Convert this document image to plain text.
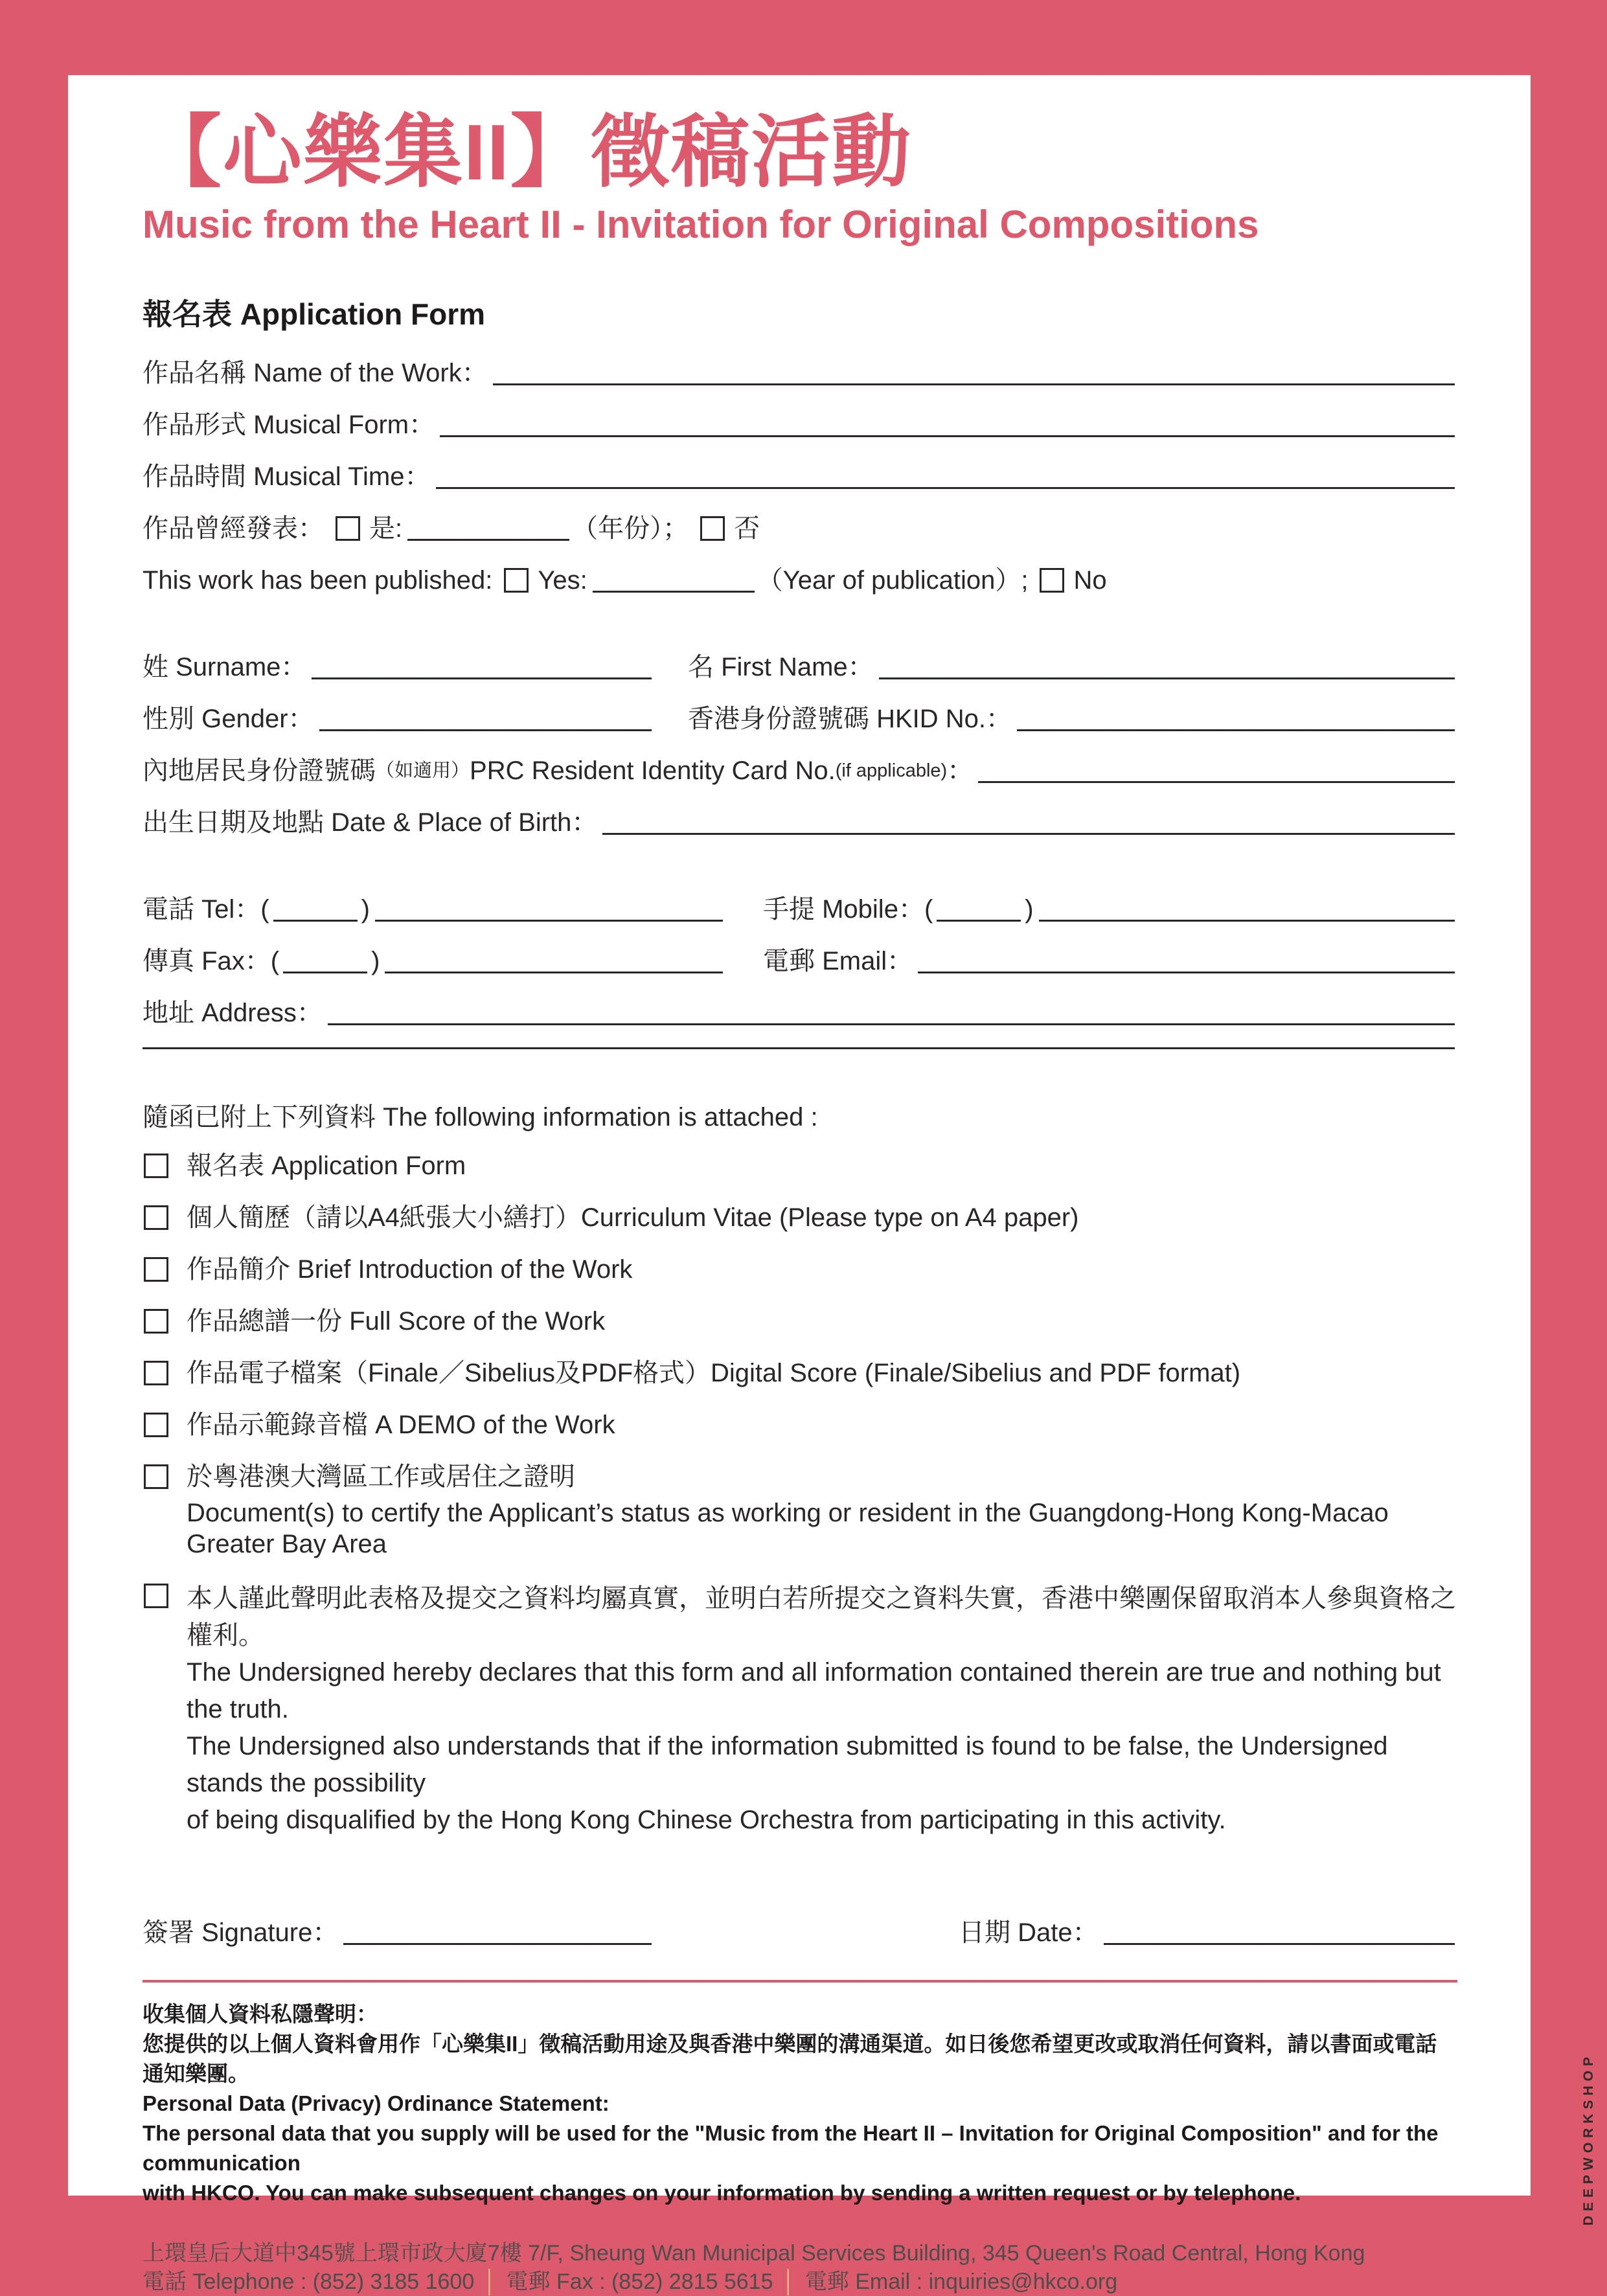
【心樂集II】徵稿活動
Music from the Heart II - Invitation for Original Compositions
報名表 Application Form
作品名稱 Name of the Work：
作品形式 Musical Form：
作品時間 Musical Time：
作品曾經發表： 是:	（年份）； 否
This work has been published: Yes:	（Year of publication）; No
姓 Surname：	名 First Name：
性別 Gender：	香港身份證號碼 HKID No.：
內地居民身份證號碼 （如適用） PRC Resident Identity Card No. (if applicable) ：
出生日期及地點 Date & Place of Birth：
電話 Tel： (	)	手提 Mobile： (	)
傳真 Fax： (	)	電郵 Email：
地址 Address：
隨函已附上下列資料 The following information is attached :
報名表 Application Form
個人簡歷（請以A4紙張大小繕打）Curriculum Vitae (Please type on A4 paper)
作品簡介 Brief Introduction of the Work
作品總譜一份 Full Score of the Work
作品電子檔案（Finale／Sibelius及PDF格式）Digital Score (Finale/Sibelius and PDF format)
作品示範錄音檔 A DEMO of the Work
於粵港澳大灣區工作或居住之證明
Document(s) to certify the Applicant’s status as working or resident in the Guangdong-Hong Kong-Macao Greater Bay Area
本人謹此聲明此表格及提交之資料均屬真實，並明白若所提交之資料失實，香港中樂團保留取消本人參與資格之權利。
The Undersigned hereby declares that this form and all information contained therein are true and nothing but the truth.
The Undersigned also understands that if the information submitted is found to be false, the Undersigned stands the possibility
of being disqualified by the Hong Kong Chinese Orchestra from participating in this activity.
簽署 Signature：	日期 Date：
收集個人資料私隱聲明：
您提供的以上個人資料會用作「心樂集II」徵稿活動用途及與香港中樂團的溝通渠道。如日後您希望更改或取消任何資料，請以書面或電話通知樂團。
Personal Data (Privacy) Ordinance Statement:
The personal data that you supply will be used for the "Music from the Heart II – Invitation for Original Composition" and for the communication
with HKCO. You can make subsequent changes on your information by sending a written request or by telephone.
上環皇后大道中345號上環市政大廈7樓 7/F, Sheung Wan Municipal Services Building, 345 Queen's Road Central, Hong Kong
電話 Telephone : (852) 3185 1600 │ 電郵 Fax : (852) 2815 5615 │ 電郵 Email : inquiries@hkco.org
DEEPWORKSHOP
